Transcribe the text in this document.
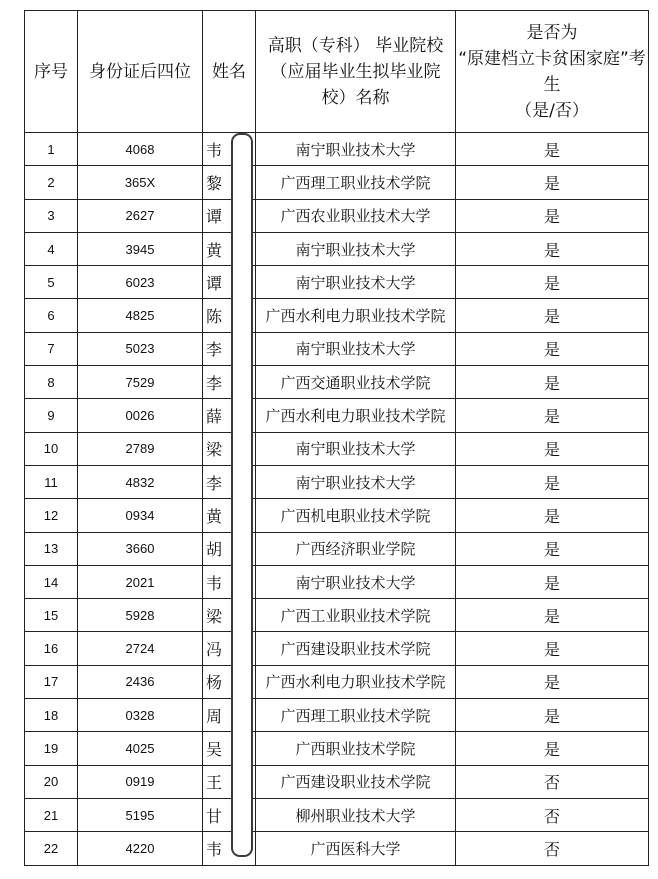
序号	身份证后四位	姓名	高职（专科） 毕业院校（应届毕业生拟毕业院校）名称	是否为
“原建档立卡贫困家庭”考生
（是/否）

1	4068	韦	南宁职业技术大学	是
2	365X	黎	广西理工职业技术学院	是
3	2627	谭	广西农业职业技术大学	是
4	3945	黄	南宁职业技术大学	是
5	6023	谭	南宁职业技术大学	是
6	4825	陈	广西水利电力职业技术学院	是
7	5023	李	南宁职业技术大学	是
8	7529	李	广西交通职业技术学院	是
9	0026	薛	广西水利电力职业技术学院	是
10	2789	梁	南宁职业技术大学	是
11	4832	李	南宁职业技术大学	是
12	0934	黄	广西机电职业技术学院	是
13	3660	胡	广西经济职业学院	是
14	2021	韦	南宁职业技术大学	是
15	5928	梁	广西工业职业技术学院	是
16	2724	冯	广西建设职业技术学院	是
17	2436	杨	广西水利电力职业技术学院	是
18	0328	周	广西理工职业技术学院	是
19	4025	吴	广西职业技术学院	是
20	0919	王	广西建设职业技术学院	否
21	5195	甘	柳州职业技术大学	否
22	4220	韦	广西医科大学	否
